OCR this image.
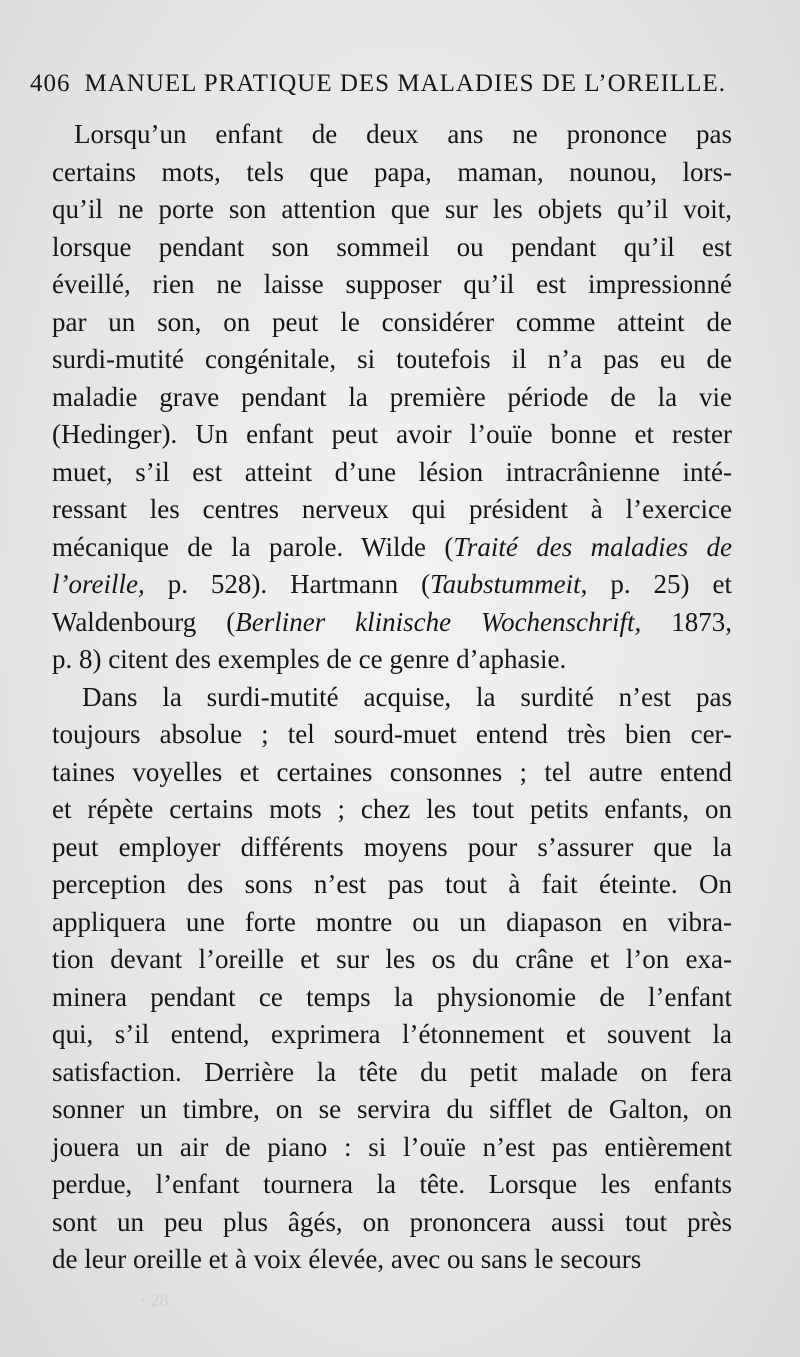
406 MANUEL PRATIQUE DES MALADIES DE L’OREILLE.
Lorsqu’un enfant de deux ans ne prononce pas
certains mots, tels que papa, maman, nounou, lors-
qu’il ne porte son attention que sur les objets qu’il voit,
lorsque pendant son sommeil ou pendant qu’il est
éveillé, rien ne laisse supposer qu’il est impressionné
par un son, on peut le considérer comme atteint de
surdi-mutité congénitale, si toutefois il n’a pas eu de
maladie grave pendant la première période de la vie
(Hedinger). Un enfant peut avoir l’ouïe bonne et rester
muet, s’il est atteint d’une lésion intracrânienne inté-
ressant les centres nerveux qui président à l’exercice
mécanique de la parole. Wilde (Traité des maladies de
l’oreille, p. 528). Hartmann (Taubstummeit, p. 25) et
Waldenbourg (Berliner klinische Wochenschrift, 1873,
p. 8) citent des exemples de ce genre d’aphasie.
Dans la surdi-mutité acquise, la surdité n’est pas
toujours absolue ; tel sourd-muet entend très bien cer-
taines voyelles et certaines consonnes ; tel autre entend
et répète certains mots ; chez les tout petits enfants, on
peut employer différents moyens pour s’assurer que la
perception des sons n’est pas tout à fait éteinte. On
appliquera une forte montre ou un diapason en vibra-
tion devant l’oreille et sur les os du crâne et l’on exa-
minera pendant ce temps la physionomie de l’enfant
qui, s’il entend, exprimera l’étonnement et souvent la
satisfaction. Derrière la tête du petit malade on fera
sonner un timbre, on se servira du sifflet de Galton, on
jouera un air de piano : si l’ouïe n’est pas entièrement
perdue, l’enfant tournera la tête. Lorsque les enfants
sont un peu plus âgés, on prononcera aussi tout près
de leur oreille et à voix élevée, avec ou sans le secours
· 28
